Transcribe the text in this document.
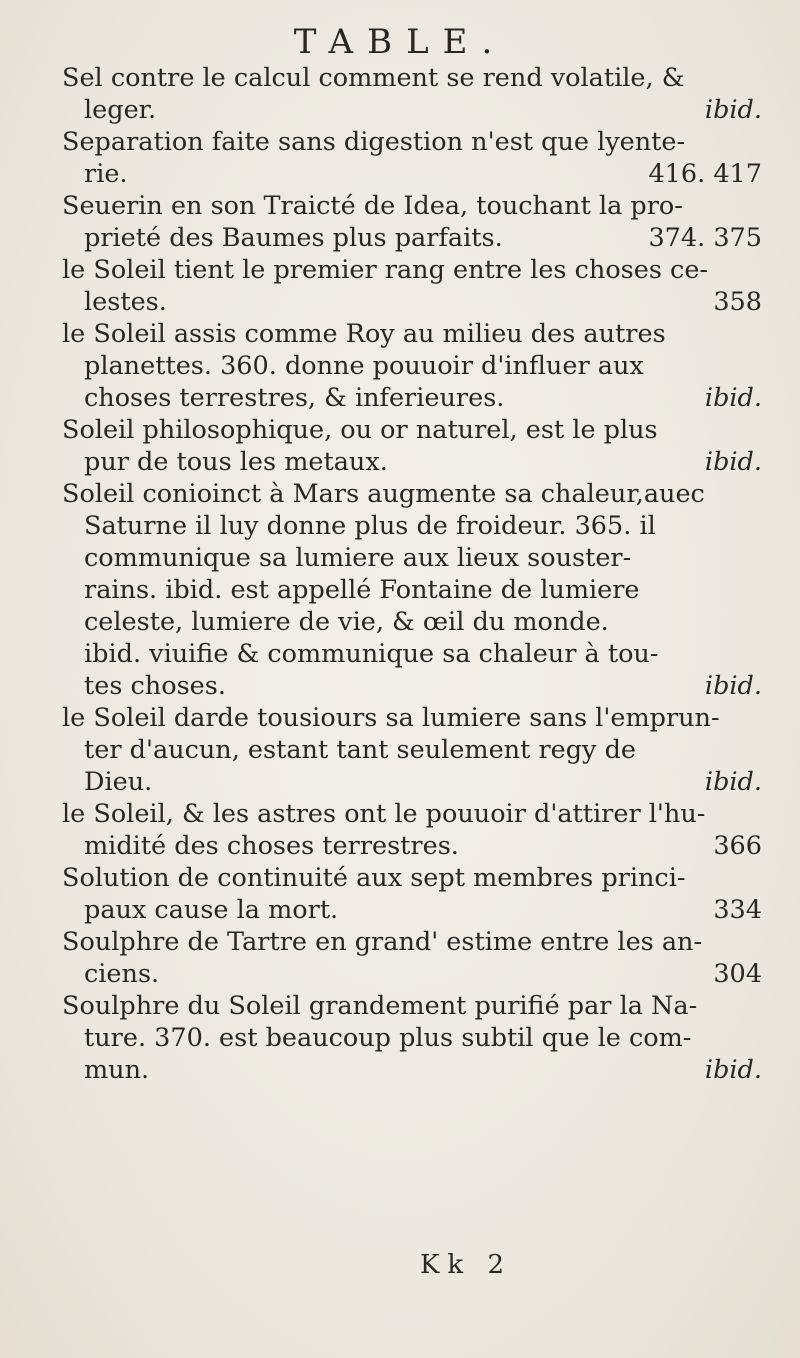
TABLE.
Sel contre le calcul comment se rend volatile, &
leger.	ibid.
Separation faite sans digestion n'est que lyente-
rie.	416. 417
Seuerin en son Traicté de Idea, touchant la pro-
prieté des Baumes plus parfaits.	374. 375
le Soleil tient le premier rang entre les choses ce-
lestes.	358
le Soleil assis comme Roy au milieu des autres
planettes. 360. donne pouuoir d'influer aux
choses terrestres, & inferieures.	ibid.
Soleil philosophique, ou or naturel, est le plus
pur de tous les metaux.	ibid.
Soleil conioinct à Mars augmente sa chaleur,auec
Saturne il luy donne plus de froideur. 365. il
communique sa lumiere aux lieux souster-
rains. ibid. est appellé Fontaine de lumiere
celeste, lumiere de vie, & œil du monde.
ibid. viuifie & communique sa chaleur à tou-
tes choses.	ibid.
le Soleil darde tousiours sa lumiere sans l'emprun-
ter d'aucun, estant tant seulement regy de
Dieu.	ibid.
le Soleil, & les astres ont le pouuoir d'attirer l'hu-
midité des choses terrestres.	366
Solution de continuité aux sept membres princi-
paux cause la mort.	334
Soulphre de Tartre en grand' estime entre les an-
ciens.	304
Soulphre du Soleil grandement purifié par la Na-
ture. 370. est beaucoup plus subtil que le com-
mun.	ibid.
Kk 2
